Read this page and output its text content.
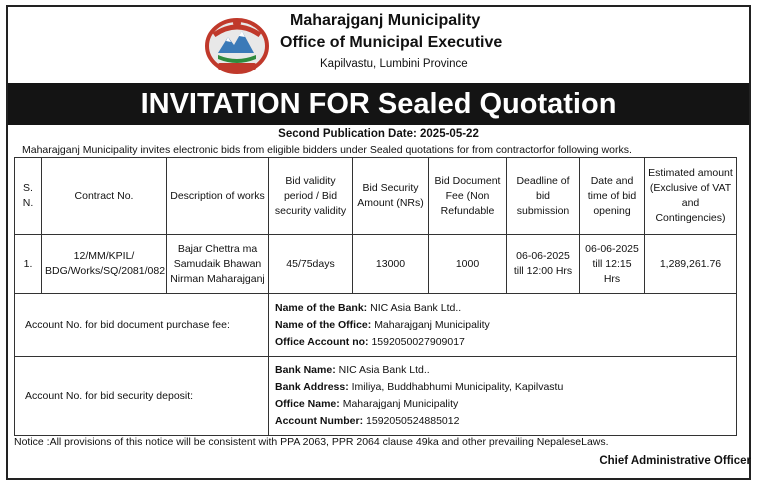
Maharajganj Municipality
Office of Municipal Executive
Kapilvastu, Lumbini Province
INVITATION FOR Sealed Quotation
Second Publication Date: 2025-05-22
Maharajganj Municipality invites electronic bids from eligible bidders under Sealed quotations for from contractorfor following works.
S. N.	Contract No.	Description of works	Bid validity period / Bid security validity	Bid Security Amount (NRs)	Bid Document Fee (Non Refundable	Deadline of bid submission	Date and time of bid opening	Estimated amount (Exclusive of VAT and Contingencies)
1.	12/MM/KPIL/ BDG/Works/SQ/2081/082	Bajar Chettra ma Samudaik Bhawan Nirman Maharajganj	45/75days	13000	1000	06-06-2025 till 12:00 Hrs	06-06-2025 till 12:15 Hrs	1,289,261.76
Account No. for bid document purchase fee:			Name of the Bank: NIC Asia Bank Ltd..
Name of the Office: Maharajganj Municipality
Office Account no: 1592050027909017					

Account No. for bid security deposit:			Bank Name: NIC Asia Bank Ltd..
Bank Address: Imiliya, Buddhabhumi Municipality, Kapilvastu
Office Name: Maharajganj Municipality
Account Number: 1592050524885012					
Notice :All provisions of this notice will be consistent with PPA 2063, PPR 2064 clause 49ka and other prevailing NepaleseLaws.
Chief Administrative Officer
